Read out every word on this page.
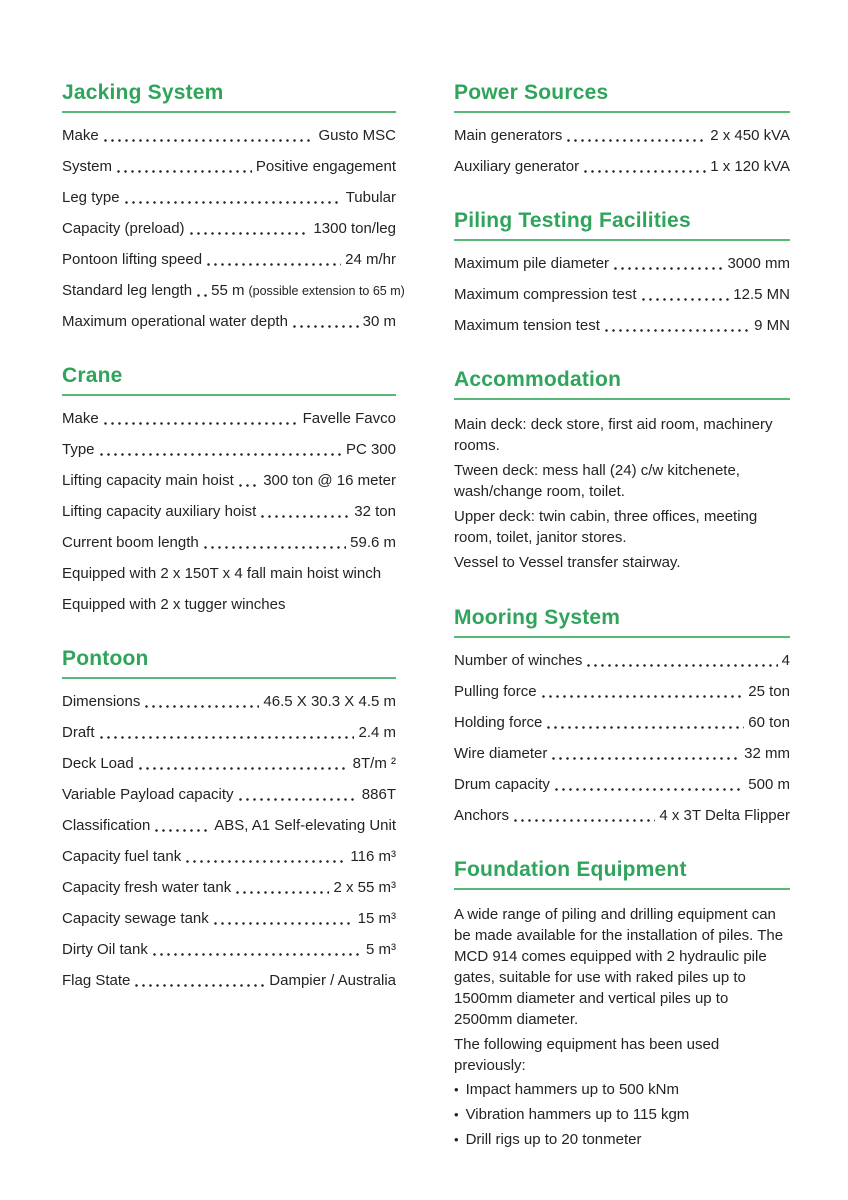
Jacking System
Make	Gusto MSC
System	Positive engagement
Leg type	Tubular
Capacity (preload)	1300 ton/leg
Pontoon lifting speed	24 m/hr
Standard leg length 55 m (possible extension to 65 m)
Maximum operational water depth	30 m
Crane
Make	Favelle Favco
Type	PC 300
Lifting capacity main hoist 300 ton @ 16 meter
Lifting capacity auxiliary hoist	32 ton
Current boom length	59.6 m
Equipped with 2 x 150T x 4 fall main hoist winch
Equipped with 2 x tugger winches
Pontoon
Dimensions	46.5 X 30.3 X 4.5 m
Draft	2.4 m
Deck Load	8T/m ²
Variable Payload capacity	886T
Classification	ABS, A1 Self-elevating Unit
Capacity fuel tank	116 m³
Capacity fresh water tank	2 x 55 m³
Capacity sewage tank	15 m³
Dirty Oil tank	5 m³
Flag State	Dampier / Australia
Power Sources
Main generators	2 x 450 kVA
Auxiliary generator	1 x 120 kVA
Piling Testing Facilities
Maximum pile diameter	3000 mm
Maximum compression test	12.5 MN
Maximum tension test	9 MN
Accommodation

Main deck: deck store, first aid room, machinery rooms.

Tween deck: mess hall (24) c/w kitchenete, wash/change room, toilet.

Upper deck: twin cabin, three offices, meeting room, toilet, janitor stores.

Vessel to Vessel transfer stairway.

Mooring System
Number of winches	4
Pulling force	25 ton
Holding force	60 ton
Wire diameter	32 mm
Drum capacity	500 m
Anchors	4 x 3T Delta Flipper
Foundation Equipment

A wide range of piling and drilling equipment can be made available for the installation of piles. The MCD 914 comes equipped with 2 hydraulic pile gates, suitable for use with raked piles up to 1500mm diameter and vertical piles up to 2500mm diameter.

The following equipment has been used previously:

• Impact hammers up to 500 kNm
• Vibration hammers up to 115 kgm
• Drill rigs up to 20 tonmeter
